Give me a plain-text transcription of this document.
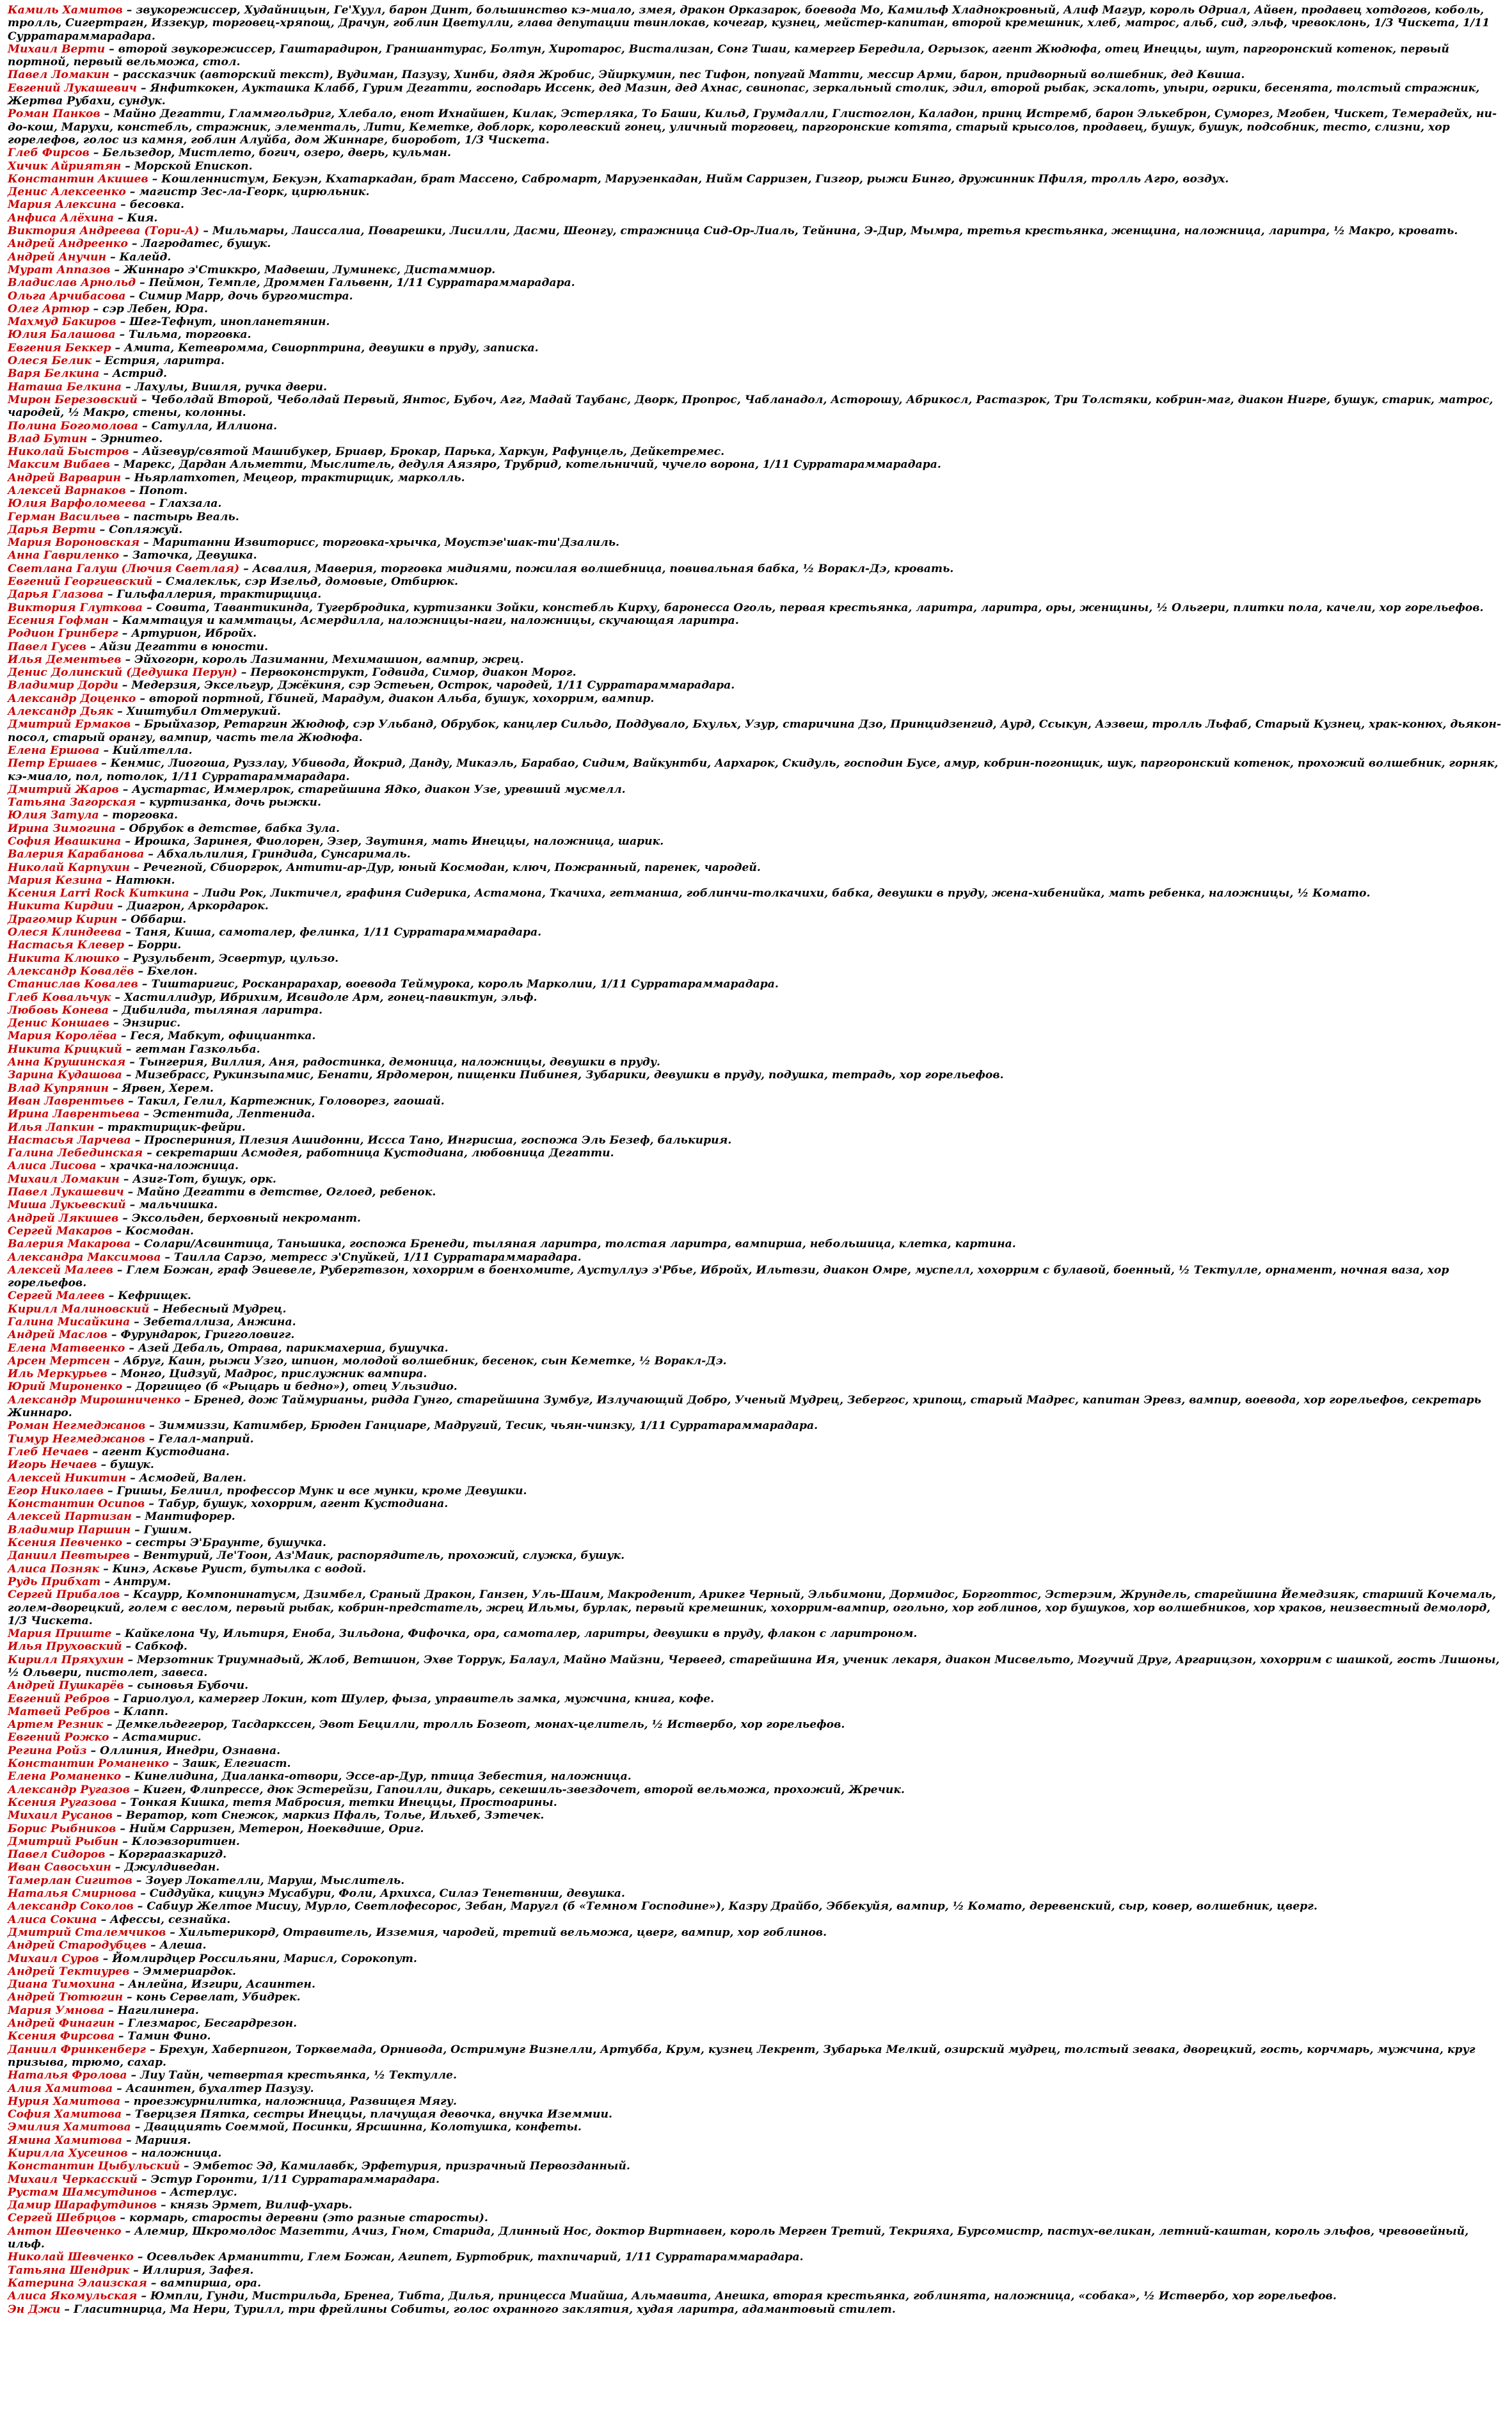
Камиль Хамитов – звукорежиссер, Худайницын, Ге'Хуул, барон Динт, большинство кэ-миало, змея, дракон Орказарок, боевода Мо, Камильф Хладнокровный, Алиф Магур, король Одриал, Айвен, продавец хотдогов, коболь, тролль, Сигертрагн, Иззекур, торговец-хряпощ, Драчун, гоблин Цветулли, глава депутации твинлокав, кочегар, кузнец, мейстер-капитан, второй кремешник, хлеб, матрос, альб, сид, эльф, чревоклонь, 1/3 Чискета, 1/11 Сурратараммарадара.

Михаил Верти – второй звукорежиссер, Гаштарадирон, Граншантурас, Болтун, Хиротарос, Вистализан, Сонг Тшаи, камергер Бередила, Огрызок, агент Жюдюфа, отец Инеццы, шут, паргоронский котенок, первый портной, первый вельможа, стол.

Павел Ломакин – рассказчик (авторский текст), Вудиман, Пазузу, Хинби, дядя Жробис, Эйиркумин, пес Тифон, попугай Матти, мессир Арми, барон, придворный волшебник, дед Квиша.

Евгений Лукашевич – Янфиткокен, Аукташка Клабб, Гурим Дегатти, господарь Иссенк, дед Мазин, дед Ахнас, свинопас, зеркальный столик, эдил, второй рыбак, эскалоть, упыри, огрики, бесенята, толстый стражник, Жертва Рубахи, сундук.

Роман Панков – Майно Дегатти, Гламмгольдриг, Хлебало, енот Ихнайшен, Килак, Эстерляка, То Баши, Кильд, Грумдалли, Глистоглон, Каладон, принц Истремб, барон Элькеброн, Суморез, Мгобен, Чискет, Темерадейх, ни-до-кош, Марухи, констебль, стражник, элементаль, Лити, Кеметке, доблорк, королевский гонец, уличный торговец, паргоронские котята, старый крысолов, продавец, бушук, бушук, подсобник, тесто, слизни, хор горелефов, голос из камня, гоблин Алуйба, дом Жиннаре, биоробот, 1/3 Чискета.

Глеб Фирсов – Бельзедор, Мистлето, богич, озеро, дверь, кульман.

Хичик Айриятян – Морской Епископ.

Константин Акишев – Кошленнистум, Бекуэн, Кхатаркадан, брат Массено, Сабромарт, Маруэенкадан, Нийм Сарризен, Гизгор, рыжи Бинго, дружинник Пфиля, тролль Агро, воздух.

Денис Алексеенко – магистр Зес-ла-Георк, цирюльник.

Мария Алексина – бесовка.

Анфиса Алёхина – Кия.

Виктория Андреева (Тори-А) – Мильмары, Лаиссалиа, Поварешки, Лисилли, Дасми, Шеонгу, стражница Сид-Ор-Лиаль, Тейнина, Э-Дир, Мымра, третья крестьянка, женщина, наложница, ларитра, ½ Макро, кровать.

Андрей Андреенко – Лагродатес, бушук.

Андрей Анучин – Калейд.

Мурат Аппазов – Жиннаро э'Стиккро, Мадвеши, Луминекс, Дистаммиор.

Владислав Арнольд – Пеймон, Темпле, Дроммен Гальвенн, 1/11 Сурратараммарадара.

Ольга Арчибасова – Симир Марр, дочь бургомистра.

Олег Артюр – сэр Лебен, Юра.

Махмуд Бакиров – Шег-Тефнут, инопланетянин.

Юлия Балашова – Тильма, торговка.

Евгения Беккер – Амита, Кетевромма, Свиорптрина, девушки в пруду, записка.

Олеся Белик – Естрия, ларитра.

Варя Белкина – Астрид.

Наташа Белкина – Лахулы, Вишля, ручка двери.

Мирон Березовский – Чеболдай Второй, Чеболдай Первый, Янтос, Бубоч, Агг, Мадай Таубанс, Дворк, Пропрос, Чабланадол, Асторошу, Абрикосл, Растазрок, Три Толстяки, кобрин-маг, диакон Нигре, бушук, старик, матрос, чародей, ½ Макро, стены, колонны.

Полина Богомолова – Сатулла, Иллиона.

Влад Бутин – Эрнитео.

Николай Быстров – Айзевур/святой Машибукер, Бриавр, Брокар, Парька, Харкун, Рафунцель, Дейкетремес.

Максим Вибаев – Марекс, Дардан Альметти, Мыслитель, дедуля Аязяро, Трубрид, котельничий, чучело ворона, 1/11 Сурратараммарадара.

Андрей Варварин – Ньярлатхотеп, Мецеор, трактирщик, марколль.

Алексей Варнаков – Попот.

Юлия Варфоломеева – Глахзала.

Герман Васильев – пастырь Веаль.

Дарья Верти – Сопляжуй.

Мария Вороновская – Маританни Извиторисс, торговка-хрычка, Моустэе'шак-ти'Дзалиль.

Анна Гавриленко – Заточка, Девушка.

Светлана Галуш (Лючия Светлая) – Асвалия, Маверия, торговка мидиями, пожилая волшебница, повивальная бабка, ½ Воракл-Дэ, кровать.

Евгений Георгиевский – Смалекльк, сэр Изельд, домовые, Отбирюк.

Дарья Глазова – Гильфаллерия, трактирщица.

Виктория Глуткова – Совита, Тавантикинда, Тугербродика, куртизанки Зойки, констебль Кирху, баронесса Оголь, первая крестьянка, ларитра, ларитра, оры, женщины, ½ Ольгери, плитки пола, качели, хор горельефов.

Есения Гофман – Каммтацуя и каммтацы, Асмердилла, наложницы-наги, наложницы, скучающая ларитра.

Родион Гринберг – Артурион, Ибройх.

Павел Гусев – Айзи Дегатти в юности.

Илья Дементьев – Эйхогорн, король Лазиманни, Мехимашион, вампир, жрец.

Денис Долинский (Дедушка Перун) – Первоконструкт, Годвида, Симор, диакон Морог.

Владимир Дорди – Медерзия, Эксельгур, Джёкиня, сэр Эстеьен, Острок, чародей, 1/11 Сурратараммарадара.

Александр Доценко – второй портной, Гбиней, Марадум, диакон Альба, бушук, хохоррим, вампир.

Александр Дьяк – Хиштубил Отмерукий.

Дмитрий Ермаков – Брыйхазор, Ретаргин Жюдюф, сэр Ульбанд, Обрубок, канцлер Сильдо, Поддувало, Бхульх, Узур, старичина Дзо, Принцидзенгид, Аурд, Ссыкун, Аэзвеш, тролль Льфаб, Старый Кузнец, храк-конюх, дьякон-посол, старый орангу, вампир, часть тела Жюдюфа.

Елена Ершова – Кийлтелла.

Петр Ершаев – Кенмис, Лиогоша, Руззлау, Убивода, Йокрид, Данду, Микаэль, Барабао, Сидим, Вайкунтби, Аархарок, Скидуль, господин Бусе, амур, кобрин-погонщик, шук, паргоронский котенок, прохожий волшебник, горняк, кэ-миало, пол, потолок, 1/11 Сурратараммарадара.

Дмитрий Жаров – Аустартас, Иммерлрок, старейшина Ядко, диакон Узе, уревший мусмелл.

Татьяна Загорская – куртизанка, дочь рыжки.

Юлия Затула – торговка.

Ирина Зимогина – Обрубок в детстве, бабка Зула.

София Ивашкина – Ирошка, Заринея, Фиолорен, Эзер, Звутиня, мать Инеццы, наложница, шарик.

Валерия Карабанова – Абхальлилия, Гриндида, Сунсарималь.

Николай Карпухин – Речегной, Сбиоргрок, Антити-ар-Дур, юный Космодан, ключ, Пожранный, паренек, чародей.

Мария Кезина – Натюкн.

Ксения Larri Rock Киткина – Лиди Рок, Ликтичел, графиня Сидерика, Астамона, Ткачиха, гетманша, гоблинчи-толкачихи, бабка, девушки в пруду, жена-хибенийка, мать ребенка, наложницы, ½ Комато.

Никита Кирдии – Диагрон, Аркордарок.

Драгомир Кирин – Оббарш.

Олеся Клиндеева – Таня, Кишa, самоталер, фелинка, 1/11 Сурратараммарадара.

Настасья Клевер – Борри.

Никита Клюшко – Рузульбент, Эсвертур, цульзо.

Александр Ковалёв – Бхелон.

Станислав Ковалев – Тиштаригис, Росканрарахар, воевода Теймурока, король Марколии, 1/11 Сурратараммарадара.

Глеб Ковальчук – Хастиллидур, Ибрихим, Исвидоле Арм, гонец-павиктун, эльф.

Любовь Конева – Дибилида, тыляная ларитра.

Денис Коншаев – Энзирис.

Мария Королёва – Геся, Мабкут, официантка.

Никита Крицкий – гетман Газкольба.

Анна Крушинская – Тынгерия, Виллия, Аня, радостинка, демоница, наложницы, девушки в пруду.

Зарина Кудашова – Мизебрасс, Рукинзыпамис, Бенати, Ярдомерон, пищенки Пибинея, Зубарики, девушки в пруду, подушка, тетрадь, хор горельефов.

Влад Купрянин – Ярвен, Херем.

Иван Лаврентьев – Такил, Гелил, Картежник, Головорез, гаошай.

Ирина Лаврентьева – Эстентида, Лептенида.

Илья Лапкин – трактирщик-фейри.

Настасья Ларчева – Проспериния, Плезия Ашидонни, Иссса Тано, Ингрисша, госпожа Эль Безеф, балькирия.

Галина Лебединская – секретарши Асмодея, работница Кустодиана, любовница Дегатти.

Алиса Лисова – храчка-наложница.

Михаил Ломакин – Азиг-Тот, бушук, орк.

Павел Лукашевич – Майно Дегатти в детстве, Оглоед, ребенок.

Миша Лукьевский – мальчишка.

Андрей Лякишев – Эксольден, берховный некромант.

Сергей Макаров – Космодан.

Валерия Макарова – Солари/Асвинтица, Таньшика, госпожа Бренеди, тыляная ларитра, толстая ларитра, вампирша, небольшица, клетка, картина.

Александра Максимова – Таилла Сарэо, метресс э'Спуйкей, 1/11 Сурратараммарадара.

Алексей Малеев – Глем Божан, граф Эвиевеле, Рубергтвзон, хохоррим в боенхомите, Аустуллуэ э'Рбье, Ибройх, Ильтвзи, диакон Омре, муспелл, хохоррим с булавой, боенный, ½ Тектулле, орнамент, ночная ваза, хор горельефов.

Сергей Малеев – Кефрищек.

Кирилл Малиновский – Небесный Мудрец.

Галина Мисайкина – Зебеталлиза, Анжина.

Андрей Маслов – Фурундарок, Григголовигг.

Елена Матвеенко – Азей Дебаль, Отрава, парикмахерша, бушучка.

Арсен Мертсен – Абруг, Каин, рыжи Узго, шпион, молодой волшебник, бесенок, сын Кеметке, ½ Воракл-Дэ.

Иль Меркурьев – Монго, Цидзуй, Мадрос, прислужник вампира.

Юрий Мироненко – Доргищео (б «Рыцарь и бедно»), отец Ульзидио.

Александр Мирошниченко – Бренед, дож Таймурианы, ридда Гунго, старейшина Зумбуг, Излучающий Добро, Ученый Мудрец, Зебергос, хрипощ, старый Мадрес, капитан Эревз, вампир, воевода, хор горельефов, секретарь Жиннаро.

Роман Негмеджанов – Зиммиззи, Катимбер, Брюден Ганциаре, Мадругий, Тесик, чьян-чинзку, 1/11 Сурратараммарадара.

Тимур Негмеджанов – Гелал-маприй.

Глеб Нечаев – агент Кустодиана.

Игорь Нечаев – бушук.

Алексей Никитин – Асмодей, Вален.

Егор Николаев – Гришы, Белиил, профессор Мунк и все мунки, кроме Девушки.

Константин Осипов – Табур, бушук, хохоррим, агент Кустодиана.

Алексей Партизан – Мантифорер.

Владимир Паршин – Гушим.

Ксения Певченко – сестры Э'Браунте, бушучка.

Даниил Певтырев – Вентурий, Ле'Тоон, Аз'Маик, распорядитель, прохожий, служка, бушук.

Алиса Позняк – Кинэ, Асквье Руист, бутылка с водой.

Рудь Прибхат – Антрум.

Сергей Прибалов – Ксаурр, Компонинатусм, Дзимбел, Сраный Дракон, Ганзен, Уль-Шаим, Макроденит, Арикег Черный, Эльбимони, Дормидос, Борготтос, Эстерэим, Жрундель, старейшина Йемедзияк, старший Кочемаль, голем-дворецкий, голем с веслом, первый рыбак, кобрин-предстатель, жрец Ильмы, бурлак, первый кремешник, хохоррим-вампир, огольно, хор гоблинов, хор бушуков, хор волшебников, хор храков, неизвестный демолорд, 1/3 Чискета.

Мария Приште – Кайкелона Чу, Ильтиря, Еноба, Зильдона, Фифочка, ора, самоталер, ларитры, девушки в пруду, флакон с ларитроном.

Илья Пруховский – Сабкоф.

Кирилл Пряхухин – Мерзотник Триумнадый, Жлоб, Ветшион, Эхве Торрук, Балаул, Майно Майзни, Червеед, старейшина Ия, ученик лекаря, диакон Мисвельто, Могучий Друг, Аргарицзон, хохоррим с шашкой, гость Лишоны, ½ Ольвери, пистолет, завеса.

Андрей Пушкарёв – сыновья Бубочи.

Евгений Ребров – Гариолуол, камергер Локин, кот Шулер, фыза, управитель замка, мужчина, книга, кофе.

Матвей Ребров – Клапп.

Артем Резник – Демкельдегерор, Тасдаркссен, Эвот Бецилли, тролль Бозеот, монах-целитель, ½ Иствербо, хор горельефов.

Евгений Рожко – Астамирис.

Регина Ройз – Оллиния, Инедри, Ознавна.

Константин Романенко – Зашк, Елегиаст.

Елена Романенко – Кинелидина, Диаланка-отвори, Эссе-ар-Дур, птица Зебестия, наложница.

Александр Ругазов – Киген, Флипрессе, дюк Эстерейзи, Гапоилли, дикарь, секешиль-звездочет, второй вельможа, прохожий, Жречик.

Ксения Ругазова – Тонкая Кишка, тетя Мабросия, тетки Инеццы, Простоарины.

Михаил Русанов – Вератор, кот Снежок, маркиз Пфаль, Толье, Ильхеб, Зэтечек.

Борис Рыбников – Нийм Сарризен, Метерон, Ноеквдише, Ориг.

Дмитрий Рыбин – Клоэвзоритиен.

Павел Сидоров – Корграазкариzд.

Иван Савосьхин – Джулдиведан.

Тамерлан Сигитов – Зоуер Локателли, Маруш, Мыслитель.

Наталья Смирнова – Сиддуйка, кицунэ Мусабури, Фоли, Архихса, Силаэ Тенетвниш, девушка.

Александр Соколов – Сабиур Желтое Мисиу, Мурло, Светлофесорос, Зебан, Маругл (б «Темном Господине»), Казру Драйбо, Эббекуйя, вампир, ½ Комато, деревенский, сыр, ковер, волшебник, цверг.

Алиса Сокина – Афессы, сезнайка.

Дмитрий Сталемчиков – Хильтерикорд, Отравитель, Изземия, чародей, третий вельможа, цверг, вампир, хор гоблинов.

Андрей Стародубцев – Алеша.

Михаил Суров – Йомлирдцер Россильяни, Марисл, Сорокопут.

Андрей Тектиурев – Эммериардок.

Диана Тимохина – Анлейна, Изгири, Асаинтен.

Андрей Тютюгин – конь Сервелат, Убидрек.

Мария Умнова – Нагилинера.

Андрей Финагин – Глезмарос, Бесгардрезон.

Ксения Фирсова – Тамин Фино.

Даниил Фринкенберг – Брехун, Хаберпигон, Торквемада, Орнивода, Остримунг Визнелли, Артубба, Крум, кузнец Лекрент, Зубарька Мелкий, озирский мудрец, толстый зевака, дворецкий, гость, корчмарь, мужчина, круг призыва, трюмо, сахар.

Наталья Фролова – Лиу Тайн, четвертая крестьянка, ½ Тектулле.

Алия Хамитова – Асаинтен, бухалтер Пазузу.

Нурия Хамитова – проезжурнилитка, наложница, Развищея Мягу.

София Хамитова – Тверцзея Пятка, сестры Инеццы, плачущая девочка, внучка Иземмии.

Эмилия Хамитова – Двацциять Соеммой, Посинки, Ярсшинна, Колотушка, конфеты.

Ямина Хамитова – Мариия.

Кирилла Хусеинов – наложница.

Константин Цыбульский – Эмбетос Эд, Камилавбк, Эрфетурия, призрачный Первозданный.

Михаил Черкасский – Эстур Горонти, 1/11 Сурратараммарадара.

Рустам Шамсутдинов – Астерлус.

Дамир Шарафутдинов – князь Эрмет, Вилиф-ухарь.

Сергей Шебрцов – кормарь, старосты деревни (это разные старосты).

Антон Шевченко – Алемир, Шкромолдос Мазетти, Ачиз, Гном, Старида, Длинный Нос, доктор Виртнавен, король Мерген Третий, Текрияха, Бурсомистр, пастух-великан, летний-каштан, король эльфов, чревовейный, ильф.

Николай Шевченко – Осевльдек Арманитти, Глем Божан, Агипет, Буртобрик, тахпичарий, 1/11 Сурратараммарадара.

Татьяна Шендрик – Иллирия, Зафея.

Катерина Элаизская – вампирша, ора.

Алиса Якомульская – Юмпли, Гунди, Мистрильда, Бренеа, Тибта, Дилья, принцесса Миайша, Альмавита, Анешка, вторая крестьянка, гоблинята, наложница, «собака», ½ Иствербо, хор горельефов.

Эн Джи – Гласитнирца, Ма Нери, Турилл, три фрейлины Собиты, голос охранного заклятия, худая ларитра, адамантовый стилет.
